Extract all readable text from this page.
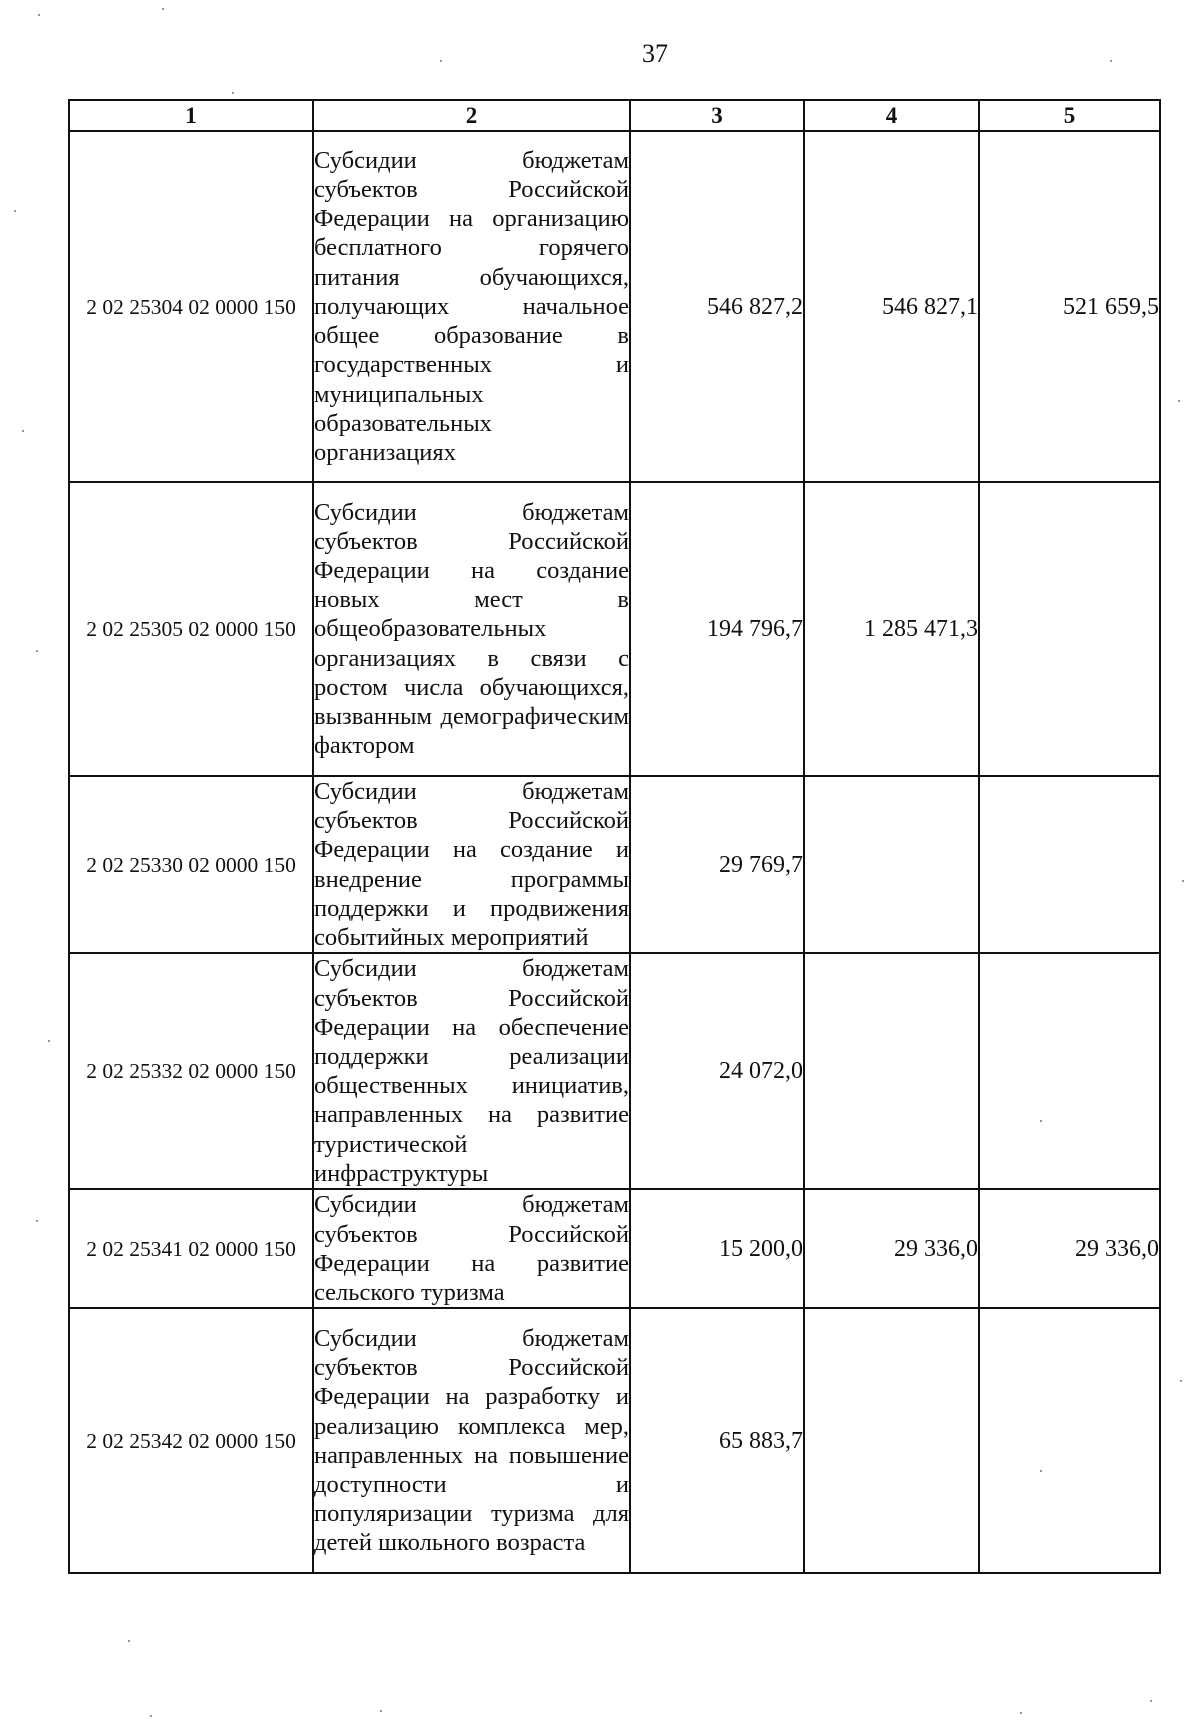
37
1	2	3	4	5
2 02 25304 02 0000 150	Субсидии бюджетам субъектов Российской Федерации на организацию бесплатного горячего питания обучающихся, получающих начальное общее образование в государственных и муниципальных образовательных организациях	546 827,2	546 827,1	521 659,5
2 02 25305 02 0000 150	Субсидии бюджетам субъектов Российской Федерации на создание новых мест в общеобразовательных организациях в связи с ростом числа обучающихся, вызванным демографическим фактором	194 796,7	1 285 471,3	
2 02 25330 02 0000 150	Субсидии бюджетам субъектов Российской Федерации на создание и внедрение программы поддержки и продвижения событийных мероприятий	29 769,7		
2 02 25332 02 0000 150	Субсидии бюджетам субъектов Российской Федерации на обеспечение поддержки реализации общественных инициатив, направленных на развитие туристической инфраструктуры	24 072,0		
2 02 25341 02 0000 150	Субсидии бюджетам субъектов Российской Федерации на развитие сельского туризма	15 200,0	29 336,0	29 336,0
2 02 25342 02 0000 150	Субсидии бюджетам субъектов Российской Федерации на разработку и реализацию комплекса мер, направленных на повышение доступности и популяризации туризма для детей школьного возраста	65 883,7		
